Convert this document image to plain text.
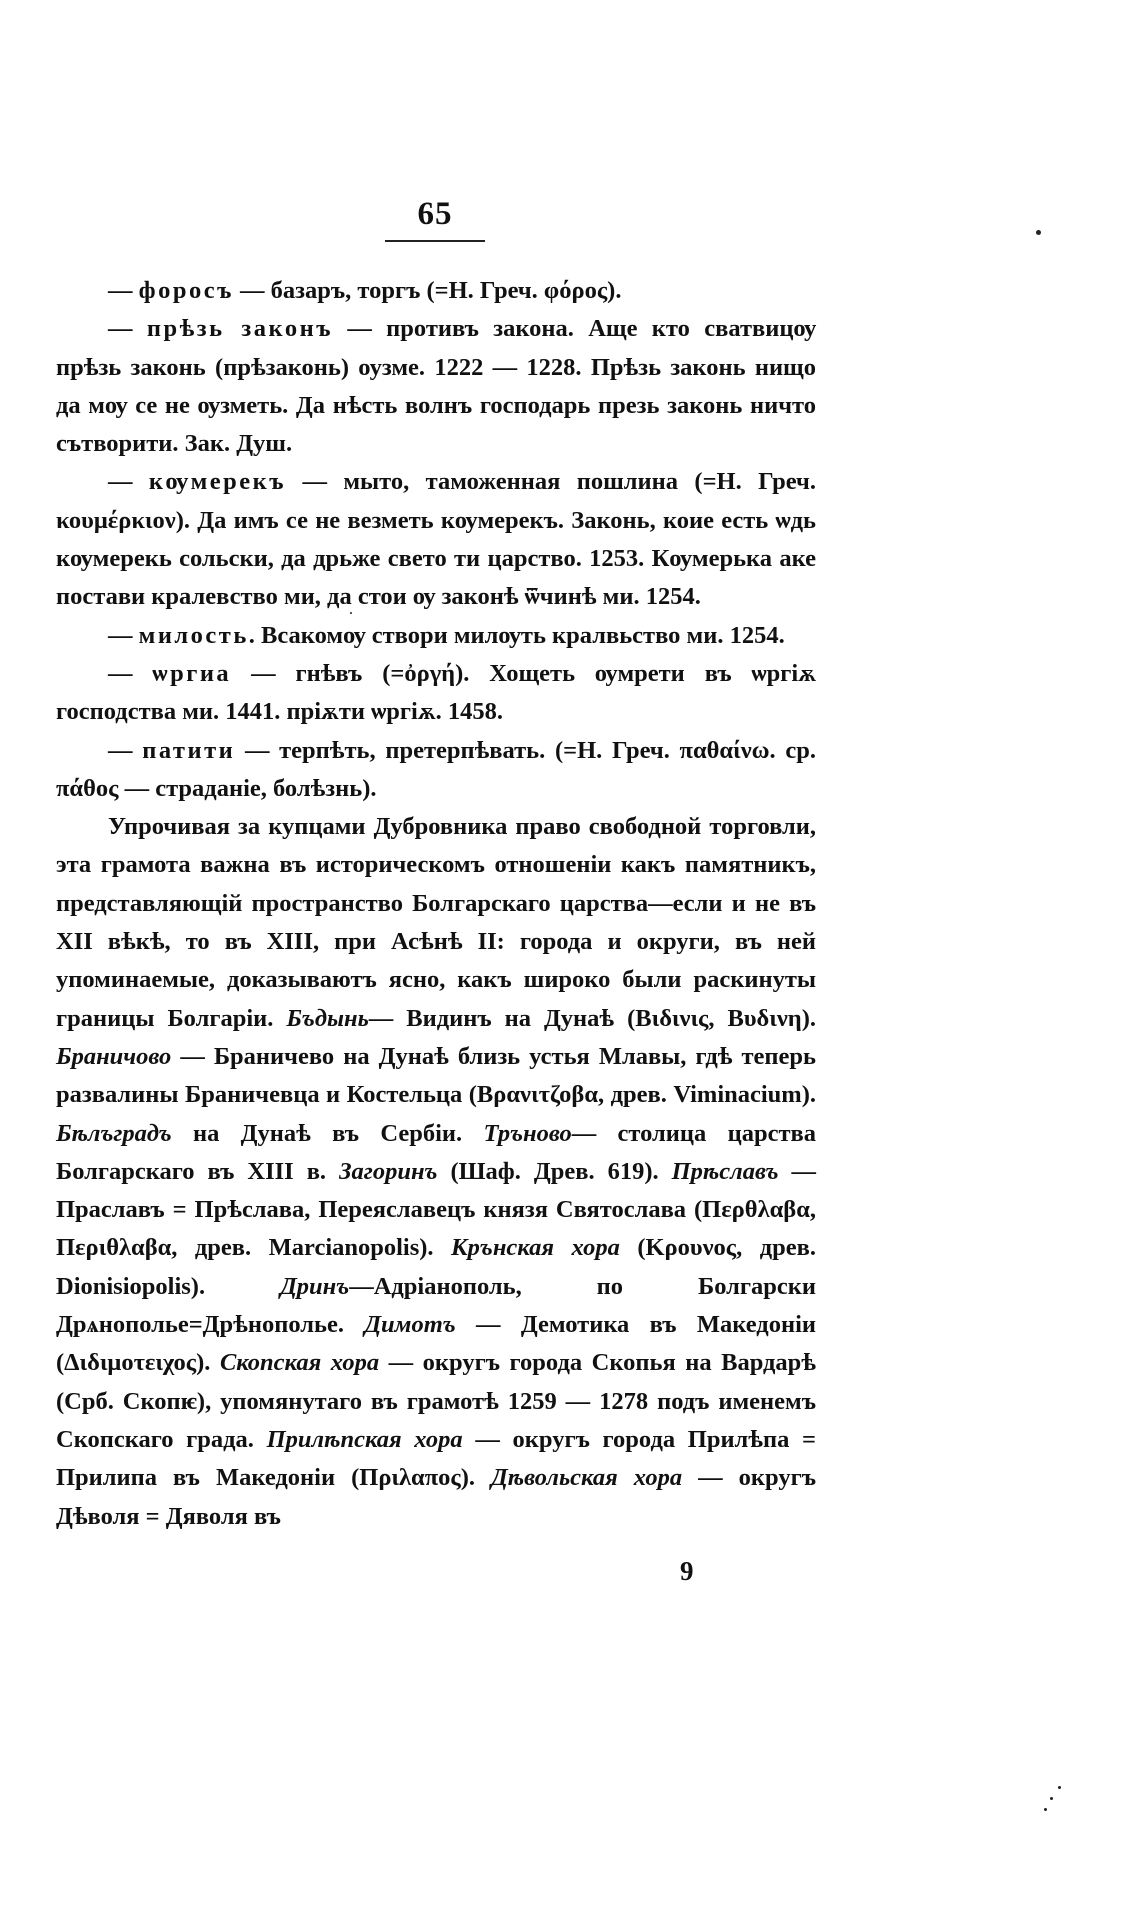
65

— форосъ — базаръ, торгъ (=Н. Греч. φόρος).

— прѣзь законъ — противъ закона. Аще кто сватвицѹ прѣзь законь (прѣзаконь) оузме. 1222 — 1228. Прѣзь законь нищо да мѹ се не ѹзметь. Да нѣсть волнъ господарь презь законь ничто сътворити. Зак. Душ.

— кѹмерекъ — мыто, таможенная пошлина (=Н. Греч. κουμέρκιον). Да имъ се не везметь кѹмерекъ. Законь, коие есть ѡдь кѹмерекь сольски, да дрьже свето ти царство. 1253. Кѹмерька аке постави кралевство ми, да стои ѹ законѣ ѿчинѣ ми. 1254.

— милость. Всакомѹ створи милѹть кралвьство ми. 1254.

— ѡргиа — гнѣвъ (=ὀργή). Хощеть ѹмрети въ ѡргіѫ господства ми. 1441. пріѫти ѡргіѫ. 1458.

— патити — терпѣть, претерпѣвать. (=Н. Греч. παθαίνω. ср. πάθος — страданіе, болѣзнь).

Упрочивая за купцами Дубровника право свободной торговли, эта грамота важна въ историческомъ отношеніи какъ памятникъ, представляющій пространство Болгарскаго царства—если и не въ XII вѣкѣ, то въ XIII, при Асѣнѣ II: города и округи, въ ней упоминаемые, доказываютъ ясно, какъ широко были раскинуты границы Болгаріи. Бъдынь— Видинъ на Дунаѣ (Βιδινις, Βυδινη). Браничово — Браничево на Дунаѣ близь устья Млавы, гдѣ теперь развалины Браничевца и Костельца (Βρανιτζοβα, древ. Viminacium). Бѣлъградъ на Дунаѣ въ Сербіи. Тръново— столица царства Болгарскаго въ XIII в. Загоринъ (Шаф. Древ. 619). Прѣславъ — Праславъ = Прѣслава, Переяславецъ князя Святослава (Περθλαβα, Περιθλαβα, древ. Marcianopolis). Крънская хора (Κρουνος, древ. Dionisiopolis). Дринъ—Адріанополь, по Болгарски Дрѧнополье=Дрѣнополье. Димотъ — Демотика въ Македоніи (Διδιμοτειχος). Скопская хора — округъ города Скопья на Вардарѣ (Срб. Скопѥ), упомянутаго въ грамотѣ 1259 — 1278 подъ именемъ Скопскаго града. Прилѣпская хора — округъ города Прилѣпа = Прилипа въ Македоніи (Πριλαπος). Дѣвольская хора — округъ Дѣволя = Дяволя въ

9
